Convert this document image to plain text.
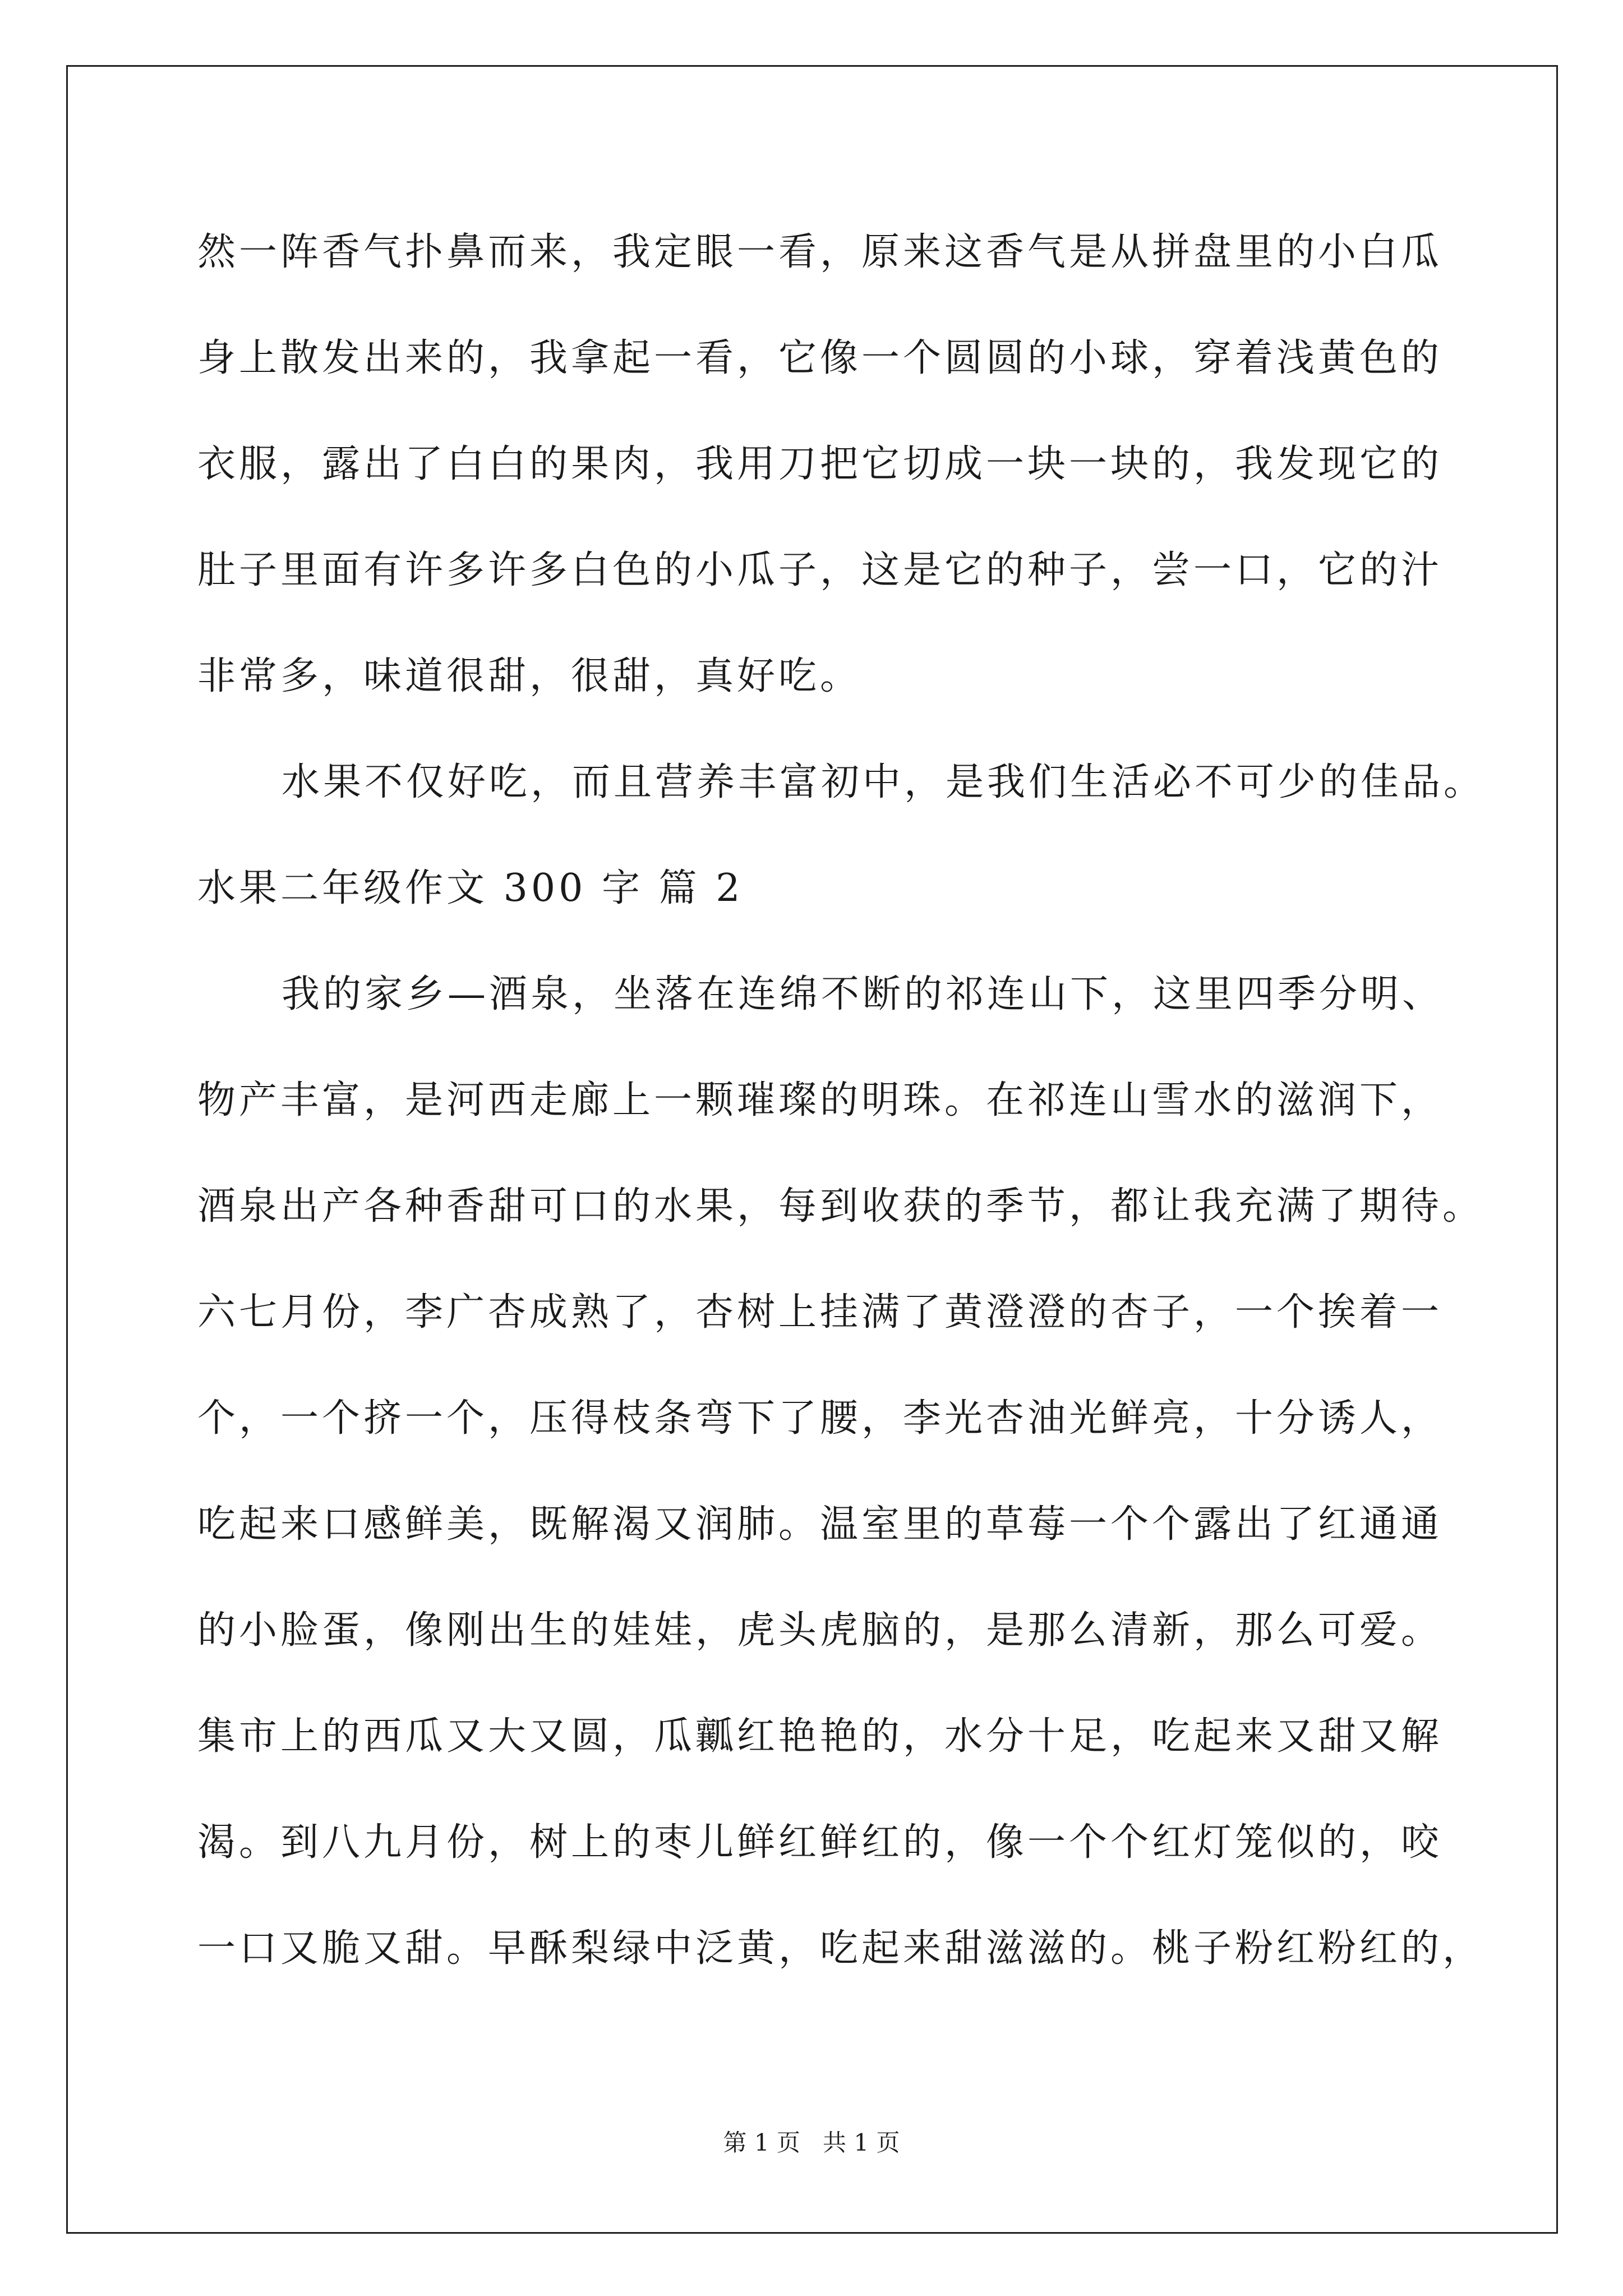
然一阵香气扑鼻而来，我定眼一看，原来这香气是从拼盘里的小白瓜
身上散发出来的，我拿起一看，它像一个圆圆的小球，穿着浅黄色的
衣服，露出了白白的果肉，我用刀把它切成一块一块的，我发现它的
肚子里面有许多许多白色的小瓜子，这是它的种子，尝一口，它的汁
非常多，味道很甜，很甜，真好吃。
水果不仅好吃，而且营养丰富初中，是我们生活必不可少的佳品。
水果二年级作文 300 字 篇 2
我的家乡—酒泉，坐落在连绵不断的祁连山下，这里四季分明、
物产丰富，是河西走廊上一颗璀璨的明珠。在祁连山雪水的滋润下，
酒泉出产各种香甜可口的水果，每到收获的季节，都让我充满了期待。
六七月份，李广杏成熟了，杏树上挂满了黄澄澄的杏子，一个挨着一
个，一个挤一个，压得枝条弯下了腰，李光杏油光鲜亮，十分诱人，
吃起来口感鲜美，既解渴又润肺。温室里的草莓一个个露出了红通通
的小脸蛋，像刚出生的娃娃，虎头虎脑的，是那么清新，那么可爱。
集市上的西瓜又大又圆，瓜瓤红艳艳的，水分十足，吃起来又甜又解
渴。到八九月份，树上的枣儿鲜红鲜红的，像一个个红灯笼似的，咬
一口又脆又甜。早酥梨绿中泛黄，吃起来甜滋滋的。桃子粉红粉红的，
第 1 页   共 1 页
